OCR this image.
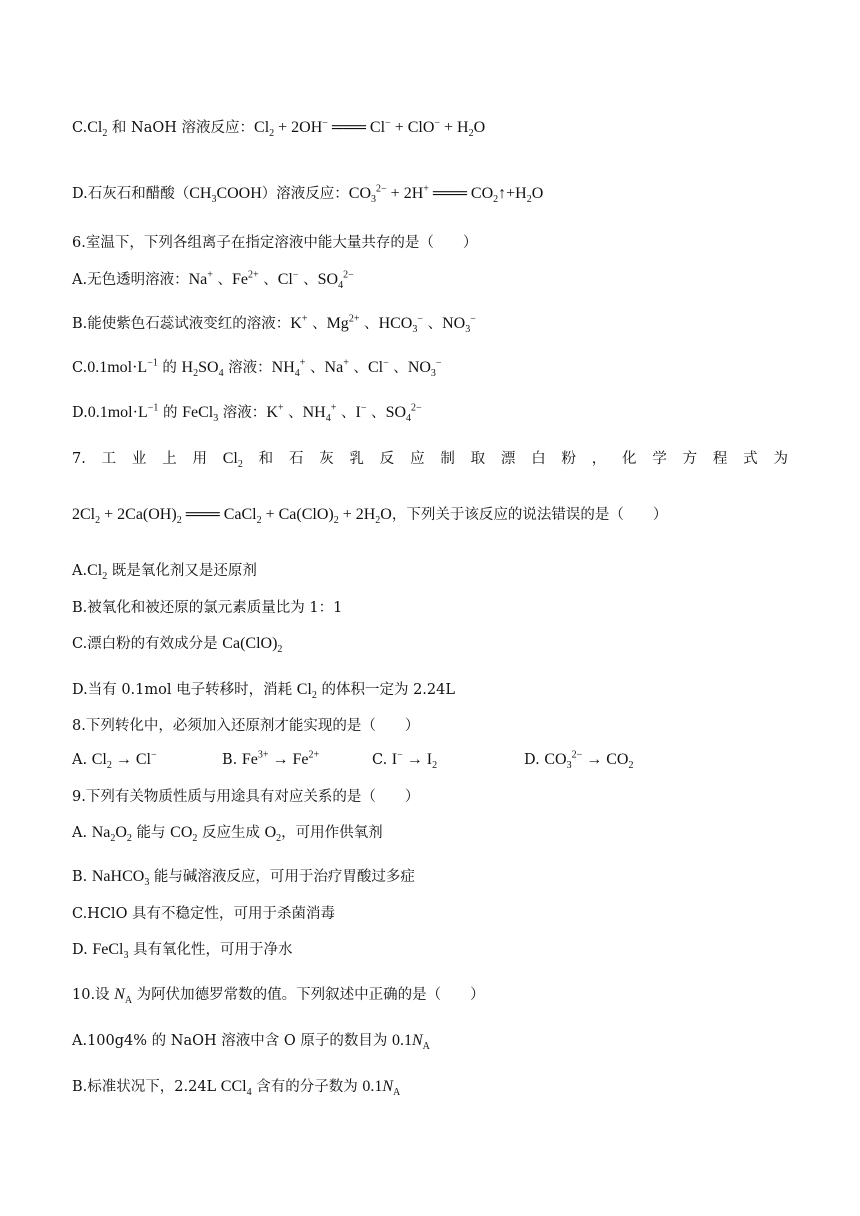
$C.Cl_2$ 和 NaOH 溶液反应：$Cl_2 + 2OH^-$ ═══ $Cl^- + ClO^- + H_2O$
D.石灰石和醋酸$(CH_3COOH)$溶液反应：$CO_3^{2-} + 2H^+$ ═══ $CO_2↑+H_2O$
6.室温下，下列各组离子在指定溶液中能大量共存的是（　　）
A.无色透明溶液：Na+ 、$Fe^{2+}$ 、Cl− 、$SO_4^{2-}$
B.能使紫色石蕊试液变红的溶液：K+ 、$Mg^{2+}$ 、$HCO_3^-$ 、$NO_3^-$
$C.0.1mol\cdot L^{-1}$ 的 $H_2SO_4$ 溶液：$NH_4^+$ 、Na+ 、Cl− 、$NO_3^-$
$D.0.1mol\cdot L^{-1}$ 的 FeCl$_3$ 溶液：K+ 、$NH_4^+$ 、I− 、$SO_4^{2-}$
$2Cl_2 + 2Ca(OH)_2$ ═══ CaCl$_2$ + $Ca(ClO)_2 + 2H_2O$，下列关于该反应的说法错误的是（　　）
$A.Cl_2$ 既是氧化剂又是还原剂
B.被氧化和被还原的氯元素质量比为 1：1
C.漂白粉的有效成分是 $Ca(ClO)_2$
D.当有 0.1mol 电子转移时，消耗 $Cl_2$ 的体积一定为 2.24L
8.下列转化中，必须加入还原剂才能实现的是（　　）
9.下列有关物质性质与用途具有对应关系的是（　　）
A. $Na_2O_2$ 能与 $CO_2$ 反应生成 $O_2$，可用作供氧剂
B. NaHCO$_3$ 能与碱溶液反应，可用于治疗胃酸过多症
C.HClO 具有不稳定性，可用于杀菌消毒
D. FeCl$_3$ 具有氧化性，可用于净水
10.设 $N_A$ 为阿伏加德罗常数的值。下列叙述中正确的是（　　）
A.100g4% 的 NaOH 溶液中含 O 原子的数目为 $0.1N_A$
B.标准状况下，2.24L CCl$_4$ 含有的分子数为 $0.1N_A$
7. 工 业 上 用 $Cl_2$ 和 石 灰 乳 反 应 制 取 漂 白 粉 ， 化 学 方 程 式 为
A. $Cl_2 \to Cl^-$	B. $Fe^{3+} \to Fe^{2+}$	C. $I^- \to I_2$	D. $CO_3^{2-} \to CO_2$
